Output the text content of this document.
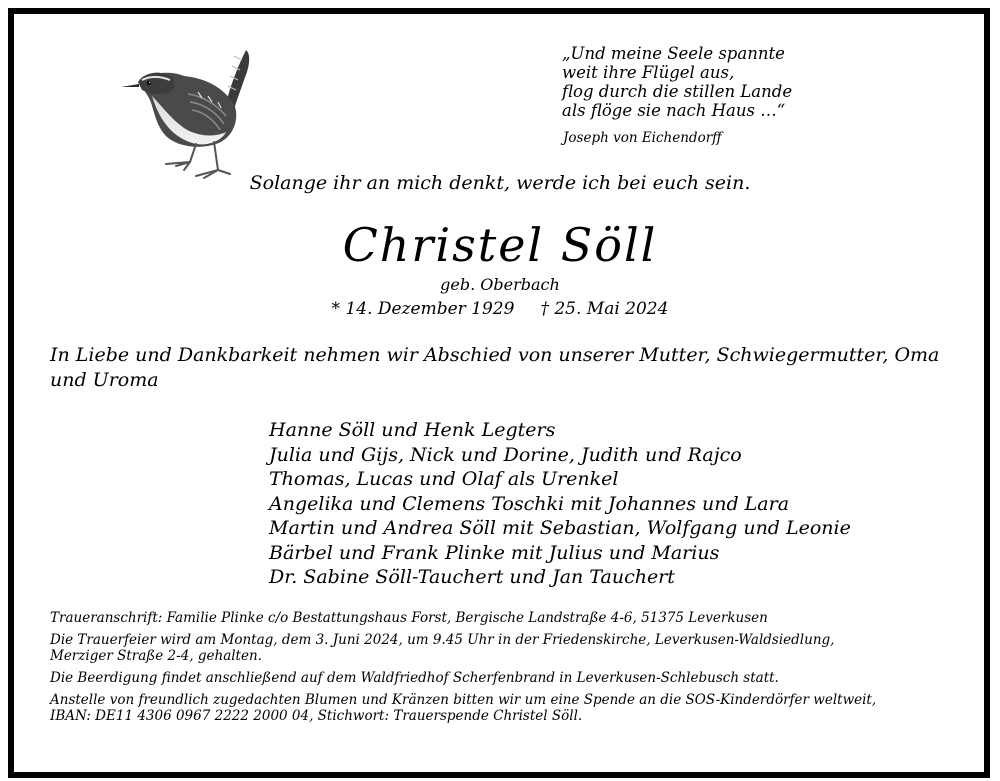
„Und meine Seele spannte
weit ihre Flügel aus,
flog durch die stillen Lande
als flöge sie nach Haus …“
Joseph von Eichendorff
Solange ihr an mich denkt, werde ich bei euch sein.
Christel Söll
geb. Oberbach
* 14. Dezember 1929 † 25. Mai 2024
In Liebe und Dankbarkeit nehmen wir Abschied von unserer Mutter, Schwiegermutter, Oma und Uroma
Hanne Söll und Henk Legters
Julia und Gijs, Nick und Dorine, Judith und Rajco
Thomas, Lucas und Olaf als Urenkel
Angelika und Clemens Toschki mit Johannes und Lara
Martin und Andrea Söll mit Sebastian, Wolfgang und Leonie
Bärbel und Frank Plinke mit Julius und Marius
Dr. Sabine Söll-Tauchert und Jan Tauchert
Traueranschrift: Familie Plinke c/o Bestattungshaus Forst, Bergische Landstraße 4-6, 51375 Leverkusen
Die Trauerfeier wird am Montag, dem 3. Juni 2024, um 9.45 Uhr in der Friedenskirche, Leverkusen-Waldsiedlung,
Merziger Straße 2-4, gehalten.
Die Beerdigung findet anschließend auf dem Waldfriedhof Scherfenbrand in Leverkusen-Schlebusch statt.
Anstelle von freundlich zugedachten Blumen und Kränzen bitten wir um eine Spende an die SOS-Kinderdörfer weltweit,
IBAN: DE11 4306 0967 2222 2000 04, Stichwort: Trauerspende Christel Söll.
